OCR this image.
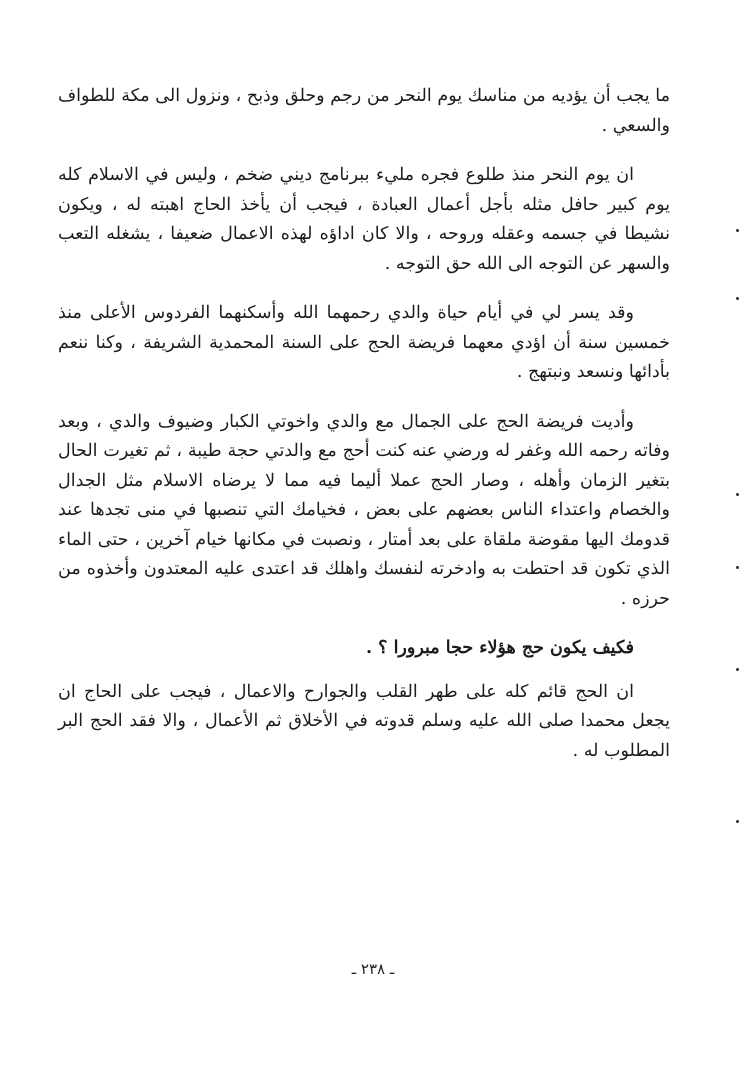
ما يجب أن يؤديه من مناسك يوم النحر من رجم وحلق وذبح ، ونزول الى مكة للطواف والسعي .

ان يوم النحر منذ طلوع فجره مليء ببرنامج ديني ضخم ، وليس في الاسلام كله يوم كبير حافل مثله بأجل أعمال العبادة ، فيجب أن يأخذ الحاج اهبته له ، ويكون نشيطا في جسمه وعقله وروحه ، والا كان اداؤه لهذه الاعمال ضعيفا ، يشغله التعب والسهر عن التوجه الى الله حق التوجه .

وقد يسر لي في أيام حياة والدي رحمهما الله وأسكنهما الفردوس الأعلى منذ خمسين سنة أن اؤدي معهما فريضة الحج على السنة المحمدية الشريفة ، وكنا ننعم بأدائها ونسعد ونبتهج .

وأديت فريضة الحج على الجمال مع والدي واخوتي الكبار وضيوف والدي ، وبعد وفاته رحمه الله وغفر له ورضي عنه كنت أحج مع والدتي حجة طيبة ، ثم تغيرت الحال بتغير الزمان وأهله ، وصار الحج عملا أليما فيه مما لا يرضاه الاسلام مثل الجدال والخصام واعتداء الناس بعضهم على بعض ، فخيامك التي تنصبها في منى تجدها عند قدومك اليها مقوضة ملقاة على بعد أمتار ، ونصبت في مكانها خيام آخرين ، حتى الماء الذي تكون قد احتطت به وادخرته لنفسك واهلك قد اعتدى عليه المعتدون وأخذوه من حرزه .

فكيف يكون حج هؤلاء حجا مبرورا ؟ .

ان الحج قائم كله على طهر القلب والجوارح والاعمال ، فيجب على الحاج ان يجعل محمدا صلى الله عليه وسلم قدوته في الأخلاق ثم الأعمال ، والا فقد الحج البر المطلوب له .

ـ ٢٣٨ ـ
